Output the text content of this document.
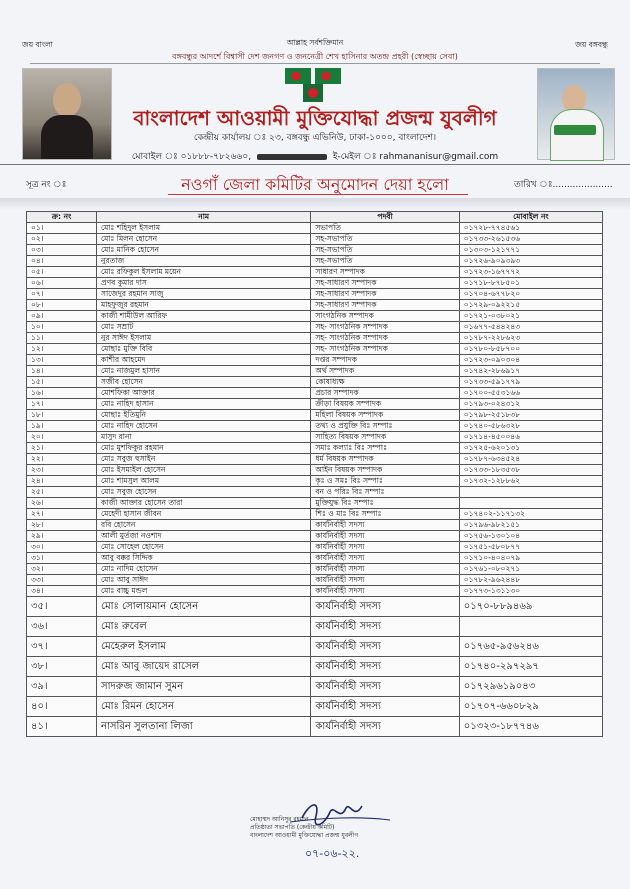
জয় বাংলা	জয় বঙ্গবন্ধু
আল্লাহ সর্বশক্তিমান
বঙ্গবন্ধুর আদর্শে বিশ্বাসী দেশ জনগণ ও জননেত্রী শেখ হাসিনার অতন্দ্র প্রহরী (স্বেচ্ছায় সেবা)
বাংলাদেশ আওয়ামী মুক্তিযোদ্ধা প্রজন্ম যুবলীগ
কেন্দ্রীয় কার্যালয় ঃ ২৩, বঙ্গবন্ধু এভিনিউ, ঢাকা-১০০০, বাংলাদেশ।
মোবাইল ঃ ০১৮৮৮-৭৮২৬৬০,	ই-মেইল ঃ rahmananisur@gmail.com
সূত্র নং ঃ	তারিখ ঃ.....................
নওগাঁ জেলা কমিটির অনুমোদন দেয়া হলো
ক্র: নং	নাম	পদবী	মোবাইল নং
০১।	মোঃ শহিদুল ইসলাম	সভাপতি	০১৭২৮-৭৭৪৫৬১
০২।	মোঃ মিলন হোসেন	সহ-সভাপতি	০১৭৩৩-২৬১৫৩৬
০৩।	মোঃ মানিক হোসেন	সহ-সভাপতি	০১৩০৩-১২১৭৭১
০৪।	নুরতাজ	সহ-সভাপতি	০১৭২৬-৯০৯৩৯৩
০৫।	মোঃ রফিকুল ইসলাম ময়েন	সাধারণ সম্পাদক	০১৭২৩-১৬৭৭৭২
০৬।	প্রণব কুমার দাস	সহ-সাধারণ সম্পাদক	০১৭১৮-৮৭৮৫০১
০৭।	সাজেদুর রহমান সাজু	সহ-সাধারণ সম্পাদক	০১৭০৪-৬৭৭৮২০
০৮।	মাহফুজুর রহমান	সহ-সাধারণ সম্পাদক	০১৭২৯-০৯২২১৫
০৯।	কাজী শামীউল আরিফ	সাংগঠনিক সম্পাদক	০১৭২১-০৩৮০২১
১০।	মোঃ সম্রাট	সহ- সাংগঠনিক সম্পাদক	০১৬৭৭-৫৪৪২৪৩
১১।	নুর সাঈদ ইসলাম	সহ- সাংগঠনিক সম্পাদক	০১৭৮৭-২২৮৬২৩
১২।	মোছাঃ মুক্তি বিবি	সহ- সাংগঠনিক সম্পাদক	০১৭৮০-৮৫৮৭০০
১৩।	কাশীর আহমেদ	দপ্তর সম্পাদক	০১৭২৩-০৯০৩০৪
১৪।	মোঃ নাজমুল হাসান	অর্থ সম্পাদক	০১৭৪২-২৮৬৯১৭
১৫।	সজীব হোসেন	কোষাধ্যক্ষ	০১৭৩৩-৫৯১৭৭৯
১৬।	মোশফিকা আক্তার	প্রচার সম্পাদক	০১৭০০-৫৫৩১৬৬
১৭।	মোঃ নাহিদ হাসান	ক্রীড়া বিষয়ক সম্পাদক	০১৭৯৩-০২৪৩১২
১৮।	মোছাঃ ইতিমুনি	মহিলা বিষয়ক সম্পাদক	০১৭৯৮-২৫১৮৩৮
১৯।	মোঃ নাহিদ হোসেন	তথ্য ও প্রযুক্তি বিঃ সম্পাঃ	০১৭৪০-৫৮৬৩২৮
২০।	মাসুদ রানা	সাহিত্য বিষয়ক সম্পাদক	০১৭১৪-৪৫০০৪৬
২১।	মোঃ মুশফিকুর রহমান	সমাঃ কল্যাঃ বিঃ সম্পাঃ	০১৭২৫-৬২০১৩১
২২।	মোঃ সবুজ হুসাইন	ধর্ম বিষয়ক সম্পাদক	০১৭৮৭-৬৩৪৫২৪
২৩।	মোঃ ইসমাইল হোসেন	আইন বিষয়ক সম্পাদক	০১৭৩৩-১৮৩৫৩৮
২৪।	মোঃ শামসুল আলম	কৃঃ ও সমঃ বিঃ সম্পাঃ	০১৭৩২-১২৮৮৬২
২৫।	মোঃ সবুজ হোসেন	বন ও পরিঃ বিঃ সম্পাঃ	
২৬।	কাজী আক্তার হোসেন তারা	মুক্তিযুদ্ধ বিঃ সম্পাঃ	
২৭।	মেহেদী হাসান জীবন	শিঃ ও মাঃ বিঃ সম্পাঃ	০১৭৪০২-১১৭১৩২
২৮।	রবি হোসেন	কার্যনির্বাহী সদস্য	০১৭৯৬-৯৮২১৫১
২৯।	আলী মুর্তজা নওশাদ	কার্যনির্বাহী সদস্য	০১৭৫৬-১৩০১০৪
৩০।	মোঃ সোহেল হোসেন	কার্যনির্বাহী সদস্য	০১৭৫১-৫৮০৮৭৭
৩১।	আবু বক্কর সিদ্দিক	কার্যনির্বাহী সদস্য	০১৭১০-৪০৪০৭৯
৩২।	মোঃ নাদিম হোসেন	কার্যনির্বাহী সদস্য	০১৭৬১-০৮০২৭১
৩৩।	মোঃ আবু সাঈদ	কার্যনির্বাহী সদস্য	০১৭৮২-৯৬২৪৪৮
৩৪।	মোঃ বাচ্চু মন্ডল	কার্যনির্বাহী সদস্য	০১৭৭৩-১৩১১৩০
৩৫।	মোঃ সোলায়মান হোসেন	কার্যনির্বাহী সদস্য	০১৭০-৮৮৯৪৬৯
৩৬।	মোঃ রুবেল	কার্যনির্বাহী সদস্য	
৩৭।	মেহেরুল ইসলাম	কার্যনির্বাহী সদস্য	০১৭৬৫-৯৫৬২৪৬
৩৮।	মোঃ আবু জায়েদ রাসেল	কার্যনির্বাহী সদস্য	০১৭৪০-২৯৭২৯৭
৩৯।	সাদরুজ জামান সুমন	কার্যনির্বাহী সদস্য	০১৭২৯৬১৯০৪৩
৪০।	মোঃ রিমন হোসেন	কার্যনির্বাহী সদস্য	০১৭০৭-৬৬০৮২৯
৪১।	নাসরিন সুলতানা লিজা	কার্যনির্বাহী সদস্য	০১৩২৩-১৮৭৭৪৬
মোহাম্মদ আনিসুর রহমান
প্রতিষ্ঠাতা সভাপতি (কেন্দ্রীয় কমিটি)
বাংলাদেশ আওয়ামী মুক্তিযোদ্ধা প্রজন্ম যুবলীগ
০৭-০৬-২২.
